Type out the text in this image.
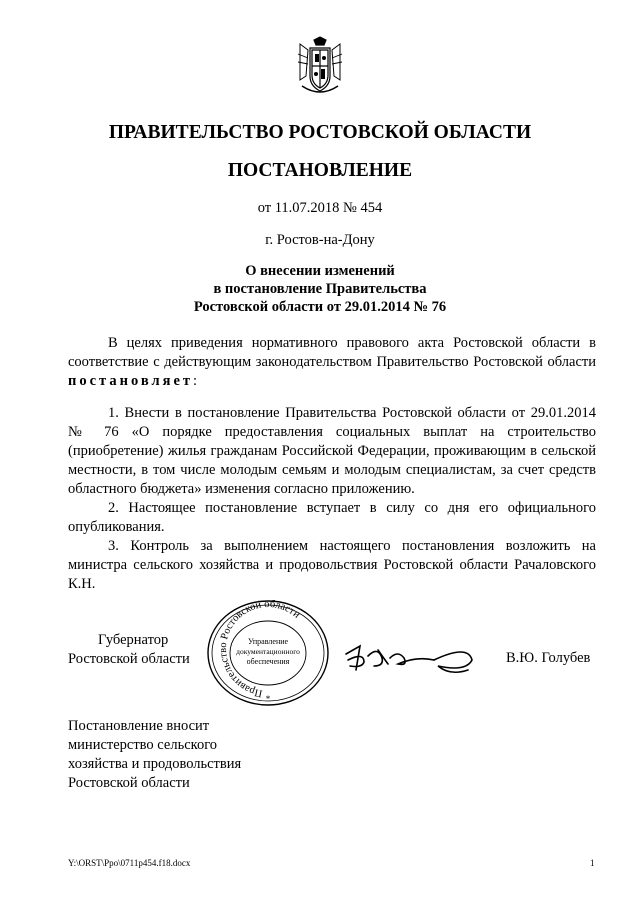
ПРАВИТЕЛЬСТВО РОСТОВСКОЙ ОБЛАСТИ
ПОСТАНОВЛЕНИЕ
от 11.07.2018 № 454
г. Ростов-на-Дону
О внесении изменений
в постановление Правительства
Ростовской области от 29.01.2014 № 76

В целях приведения нормативного правового акта Ростовской области в соответствие с действующим законодательством Правительство Ростовской области постановляет:

1. Внести в постановление Правительства Ростовской области от 29.01.2014 № 76 «О порядке предоставления социальных выплат на строительство (приобретение) жилья гражданам Российской Федерации, проживающим в сельской местности, в том числе молодым семьям и молодым специалистам, за счет средств областного бюджета» изменения согласно приложению.

2. Настоящее постановление вступает в силу со дня его официального опубликования.

3. Контроль за выполнением настоящего постановления возложить на министра сельского хозяйства и продовольствия Ростовской области Рачаловского К.Н.

Губернатор
Ростовской области
Правительство Ростовской области
*
Управление
документационного
обеспечения	В.Ю. Голубев
Постановление вносит
министерство сельского
хозяйства и продовольствия
Ростовской области
Y:\ORST\Ppo\0711p454.f18.docx	1
